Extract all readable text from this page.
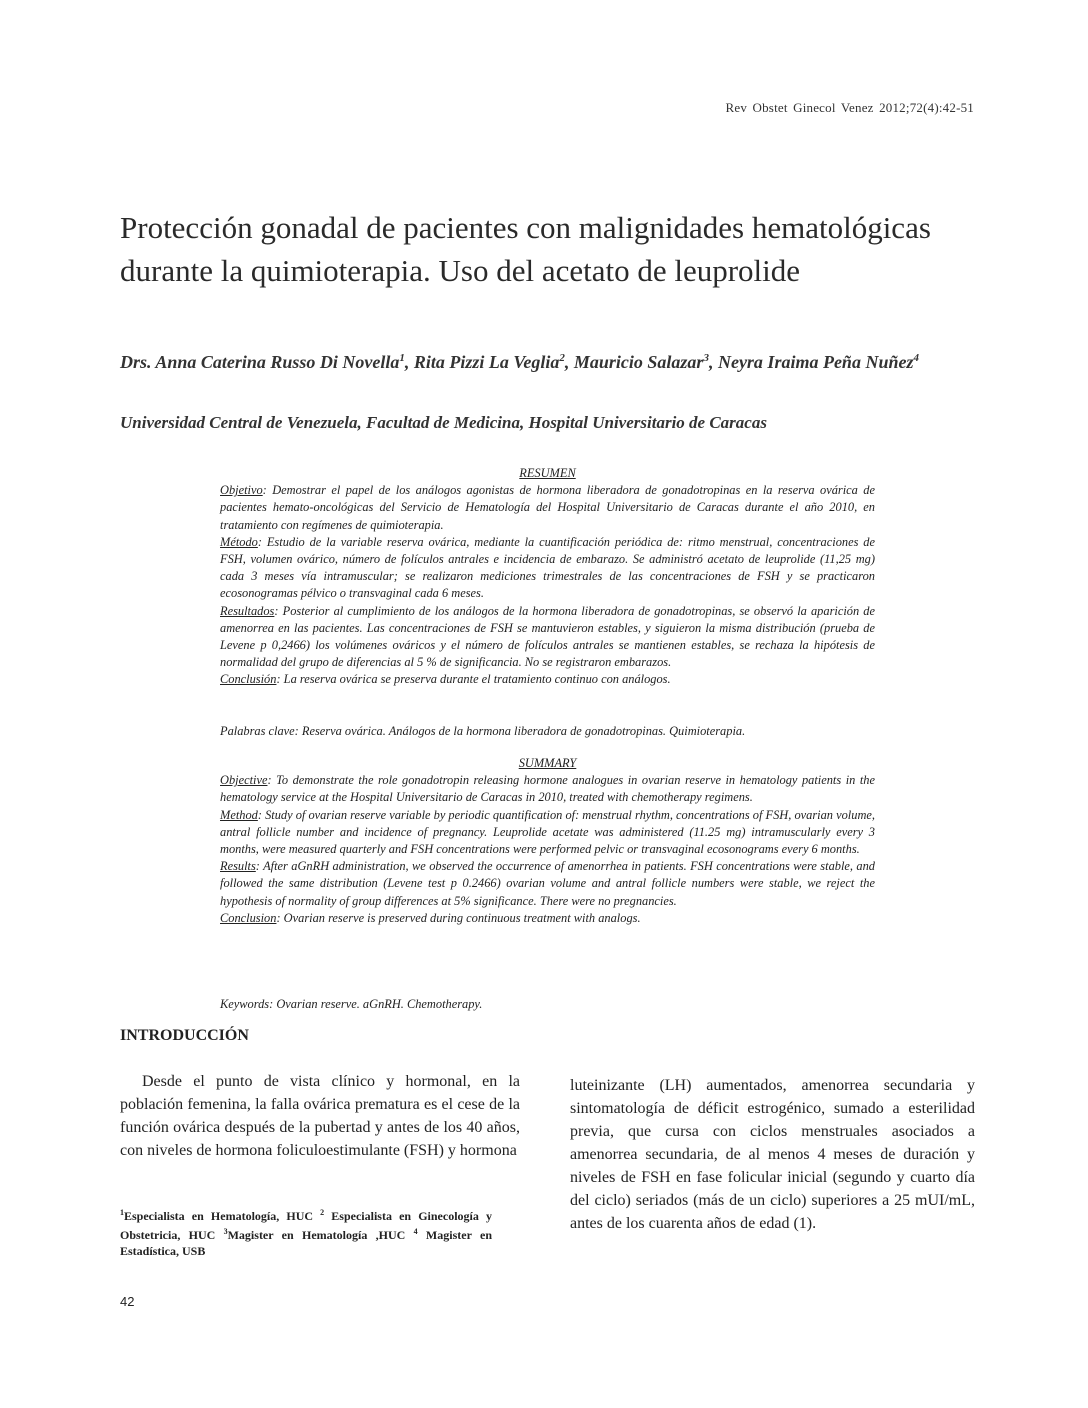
Rev Obstet Ginecol Venez 2012;72(4):42-51
Protección gonadal de pacientes con malignidades hematológicas durante la quimioterapia. Uso del acetato de leuprolide

Drs. Anna Caterina Russo Di Novella$^1$, Rita Pizzi La Veglia$^2$, Mauricio Salazar$^3$, Neyra Iraima Peña Nuñez$^4$

Universidad Central de Venezuela, Facultad de Medicina, Hospital Universitario de Caracas

RESUMEN

Objetivo: Demostrar el papel de los análogos agonistas de hormona liberadora de gonadotropinas en la reserva ovárica de pacientes hemato-oncológicas del Servicio de Hematología del Hospital Universitario de Caracas durante el año 2010, en tratamiento con regímenes de quimioterapia.

Método: Estudio de la variable reserva ovárica, mediante la cuantificación periódica de: ritmo menstrual, concentraciones de FSH, volumen ovárico, número de folículos antrales e incidencia de embarazo. Se administró acetato de leuprolide (11,25 mg) cada 3 meses vía intramuscular; se realizaron mediciones trimestrales de las concentraciones de FSH y se practicaron ecosonogramas pélvico o transvaginal cada 6 meses.

Resultados: Posterior al cumplimiento de los análogos de la hormona liberadora de gonadotropinas, se observó la aparición de amenorrea en las pacientes. Las concentraciones de FSH se mantuvieron estables, y siguieron la misma distribución (prueba de Levene p 0,2466) los volúmenes ováricos y el número de folículos antrales se mantienen estables, se rechaza la hipótesis de normalidad del grupo de diferencias al 5 % de significancia. No se registraron embarazos.

Conclusión: La reserva ovárica se preserva durante el tratamiento continuo con análogos.

Palabras clave: Reserva ovárica. Análogos de la hormona liberadora de gonadotropinas. Quimioterapia.

SUMMARY

Objective: To demonstrate the role gonadotropin releasing hormone analogues in ovarian reserve in hematology patients in the hematology service at the Hospital Universitario de Caracas in 2010, treated with chemotherapy regimens.

Method: Study of ovarian reserve variable by periodic quantification of: menstrual rhythm, concentrations of FSH, ovarian volume, antral follicle number and incidence of pregnancy. Leuprolide acetate was administered (11.25 mg) intramuscularly every 3 months, were measured quarterly and FSH concentrations were performed pelvic or transvaginal ecosonograms every 6 months.

Results: After aGnRH administration, we observed the occurrence of amenorrhea in patients. FSH concentrations were stable, and followed the same distribution (Levene test p 0.2466) ovarian volume and antral follicle numbers were stable, we reject the hypothesis of normality of group differences at 5% significance. There were no pregnancies.

Conclusion: Ovarian reserve is preserved during continuous treatment with analogs.

Keywords: Ovarian reserve. aGnRH. Chemotherapy.
INTRODUCCIÓN

Desde el punto de vista clínico y hormonal, en la población femenina, la falla ovárica prematura es el cese de la función ovárica después de la pubertad y antes de los 40 años, con niveles de hormona foliculoestimulante (FSH) y hormona

luteinizante (LH) aumentados, amenorrea secundaria y sintomatología de déficit estrogénico, sumado a esterilidad previa, que cursa con ciclos menstruales asociados a amenorrea secundaria, de al menos 4 meses de duración y niveles de FSH en fase folicular inicial (segundo y cuarto día del ciclo) seriados (más de un ciclo) superiores a 25 mUI/mL, antes de los cuarenta años de edad (1).

$^1$Especialista en Hematología, HUC $^2$ Especialista en Ginecología y Obstetricia, HUC $^3$Magister en Hematología ,HUC $^4$ Magister en Estadística, USB

42
